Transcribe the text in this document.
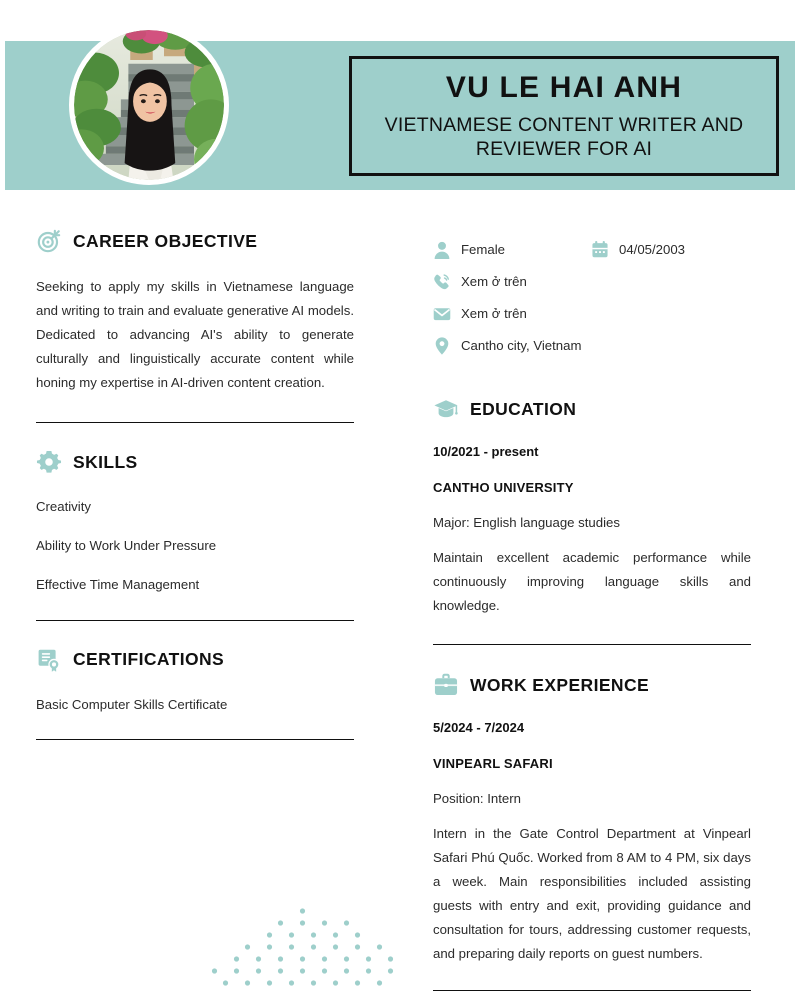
VU LE HAI ANH
VIETNAMESE CONTENT WRITER AND REVIEWER FOR AI
CAREER OBJECTIVE
Seeking to apply my skills in Vietnamese language and writing to train and evaluate generative AI models. Dedicated to advancing AI's ability to generate culturally and linguistically accurate content while honing my expertise in AI-driven content creation.
SKILLS
Creativity
Ability to Work Under Pressure
Effective Time Management
CERTIFICATIONS
Basic Computer Skills Certificate
Female	04/05/2003
Xem ở trên
Xem ở trên
Cantho city, Vietnam
EDUCATION
10/2021 - present
CANTHO UNIVERSITY
Major: English language studies
Maintain excellent academic performance while continuously improving language skills and knowledge.
WORK EXPERIENCE
5/2024 - 7/2024
VINPEARL SAFARI
Position: Intern
Intern in the Gate Control Department at Vinpearl Safari Phú Quốc. Worked from 8 AM to 4 PM, six days a week. Main responsibilities included assisting guests with entry and exit, providing guidance and consultation for tours, addressing customer requests, and preparing daily reports on guest numbers.
